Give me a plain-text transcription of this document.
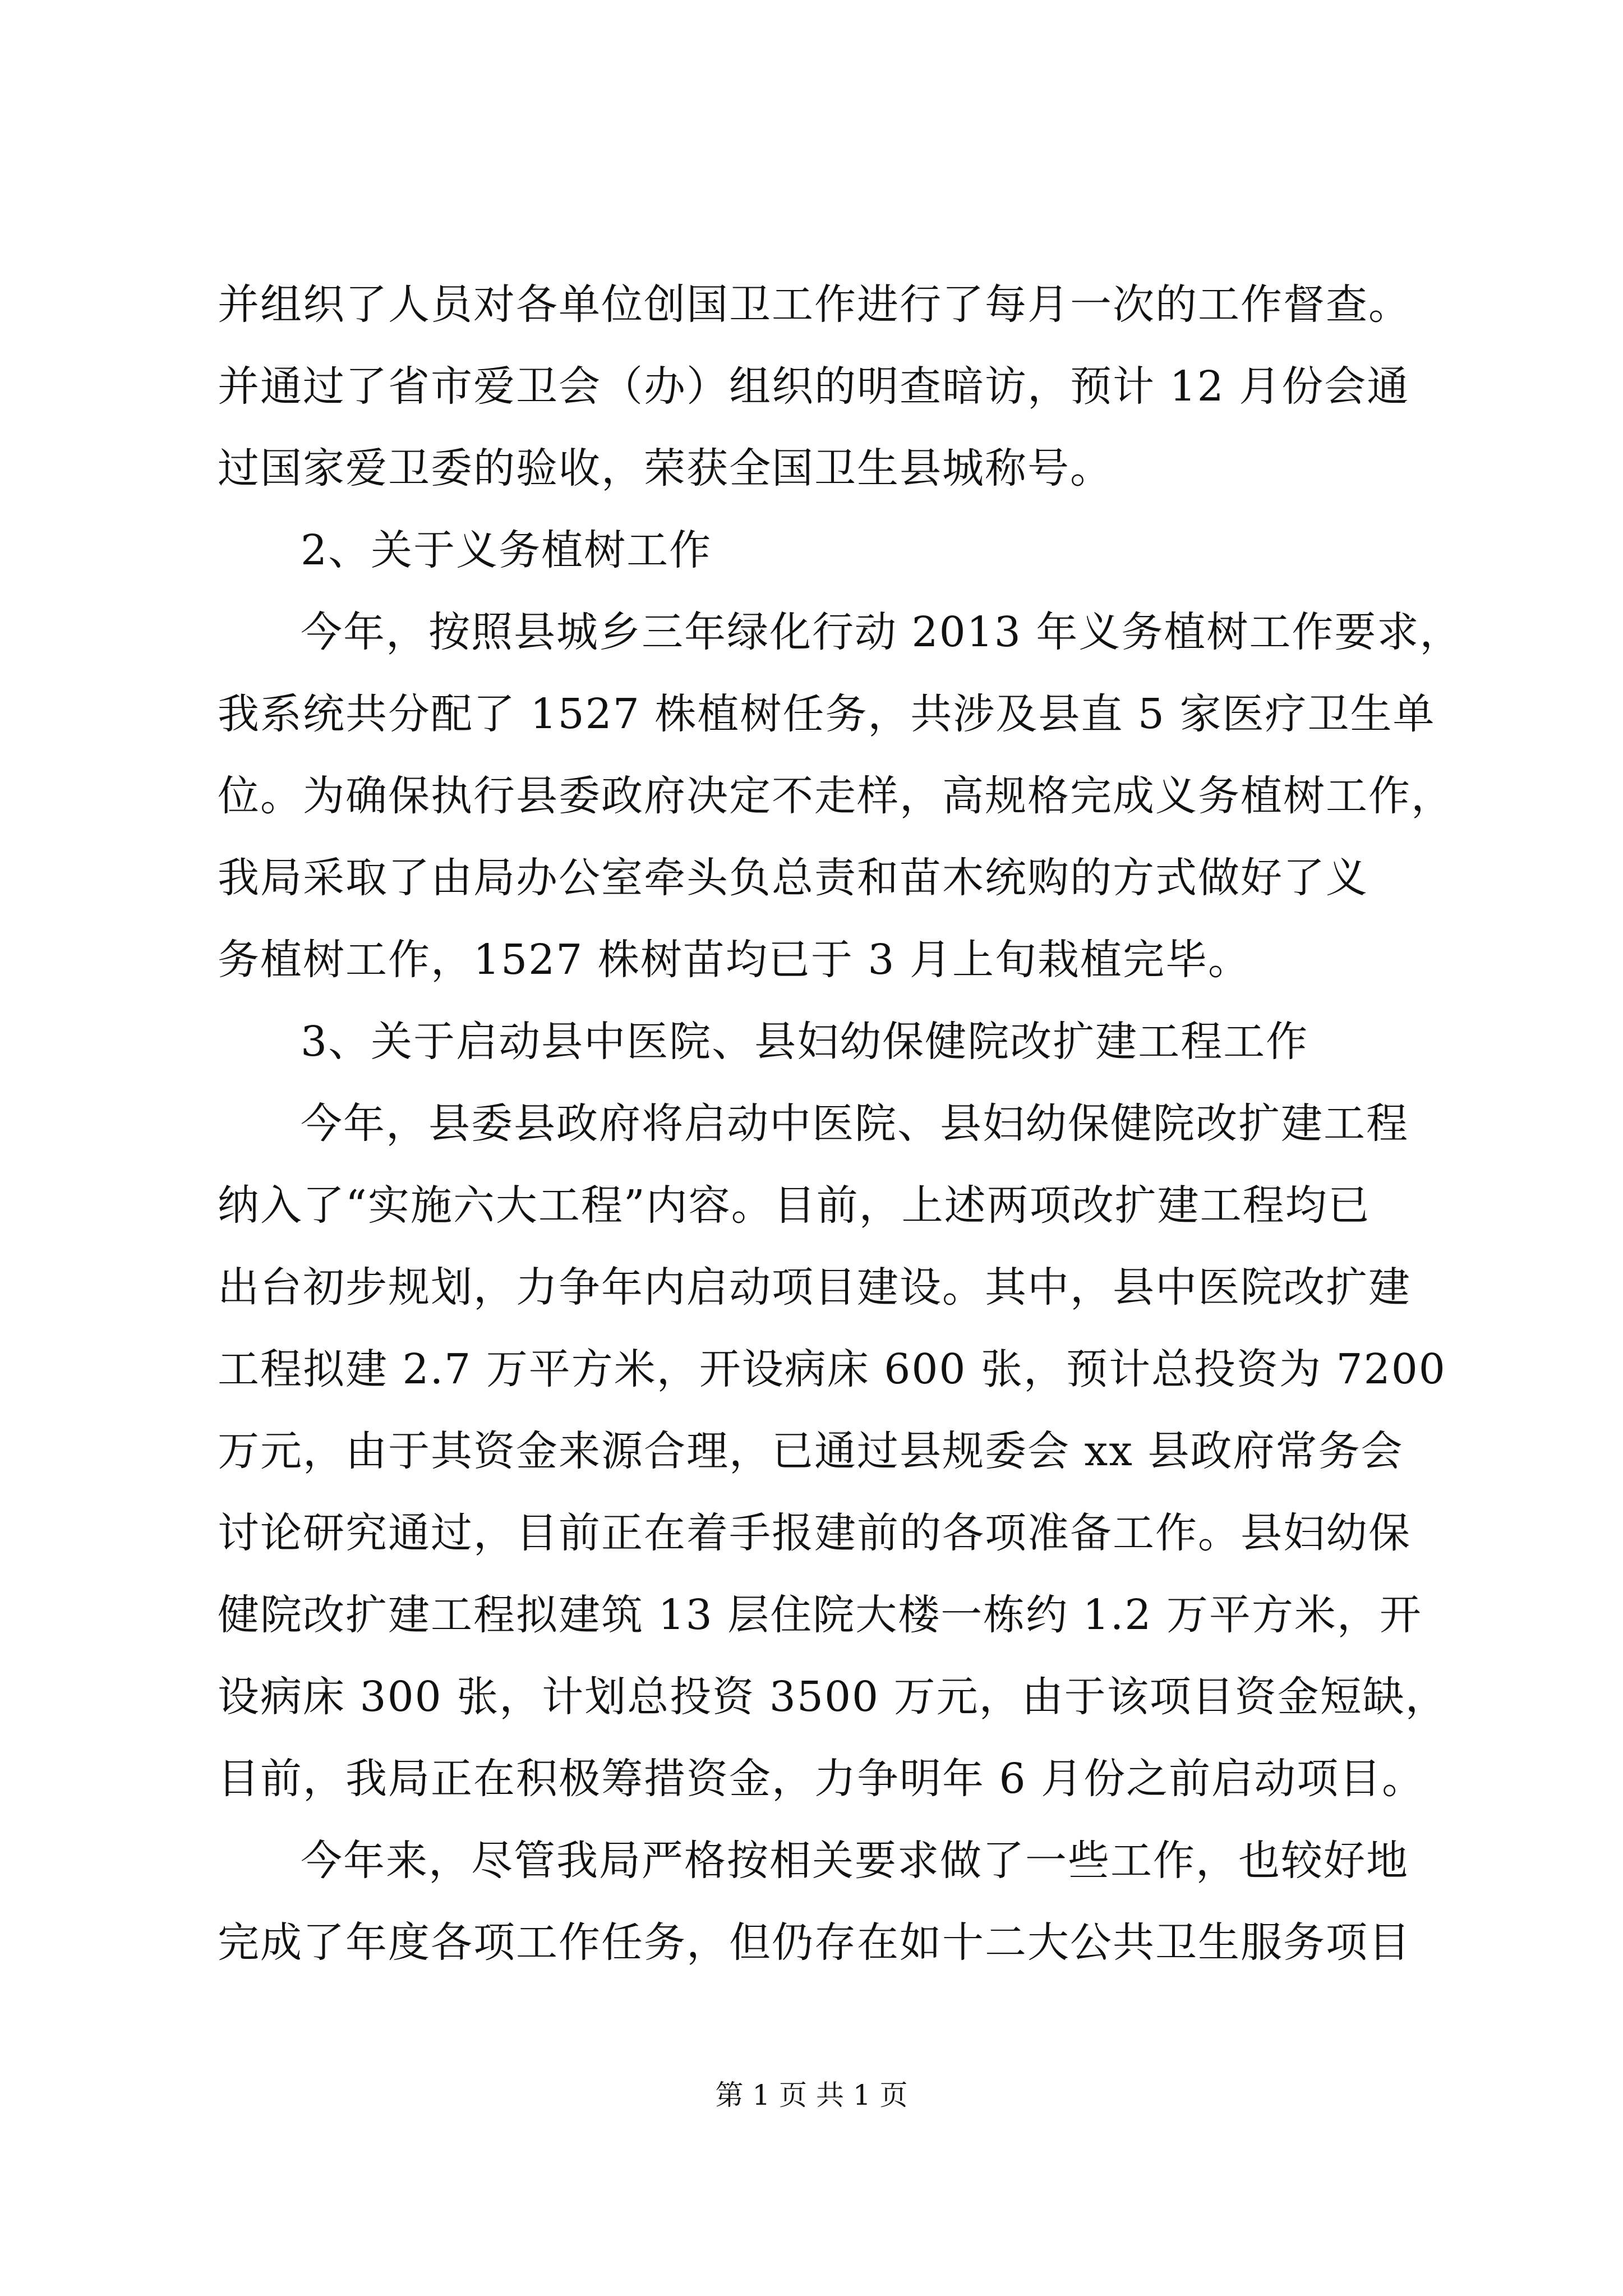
并组织了人员对各单位创国卫工作进行了每月一次的工作督查。
并通过了省市爱卫会（办）组织的明查暗访，预计 12 月份会通
过国家爱卫委的验收，荣获全国卫生县城称号。
2、关于义务植树工作
今年，按照县城乡三年绿化行动 2013 年义务植树工作要求，
我系统共分配了 1527 株植树任务，共涉及县直 5 家医疗卫生单
位。为确保执行县委政府决定不走样，高规格完成义务植树工作，
我局采取了由局办公室牵头负总责和苗木统购的方式做好了义
务植树工作，1527 株树苗均已于 3 月上旬栽植完毕。
3、关于启动县中医院、县妇幼保健院改扩建工程工作
今年，县委县政府将启动中医院、县妇幼保健院改扩建工程
纳入了“实施六大工程”内容。目前，上述两项改扩建工程均已
出台初步规划，力争年内启动项目建设。其中，县中医院改扩建
工程拟建 2.7 万平方米，开设病床 600 张，预计总投资为 7200
万元，由于其资金来源合理，已通过县规委会 xx 县政府常务会
讨论研究通过，目前正在着手报建前的各项准备工作。县妇幼保
健院改扩建工程拟建筑 13 层住院大楼一栋约 1.2 万平方米，开
设病床 300 张，计划总投资 3500 万元，由于该项目资金短缺，
目前，我局正在积极筹措资金，力争明年 6 月份之前启动项目。
今年来，尽管我局严格按相关要求做了一些工作，也较好地
完成了年度各项工作任务，但仍存在如十二大公共卫生服务项目
第 1 页 共 1 页
